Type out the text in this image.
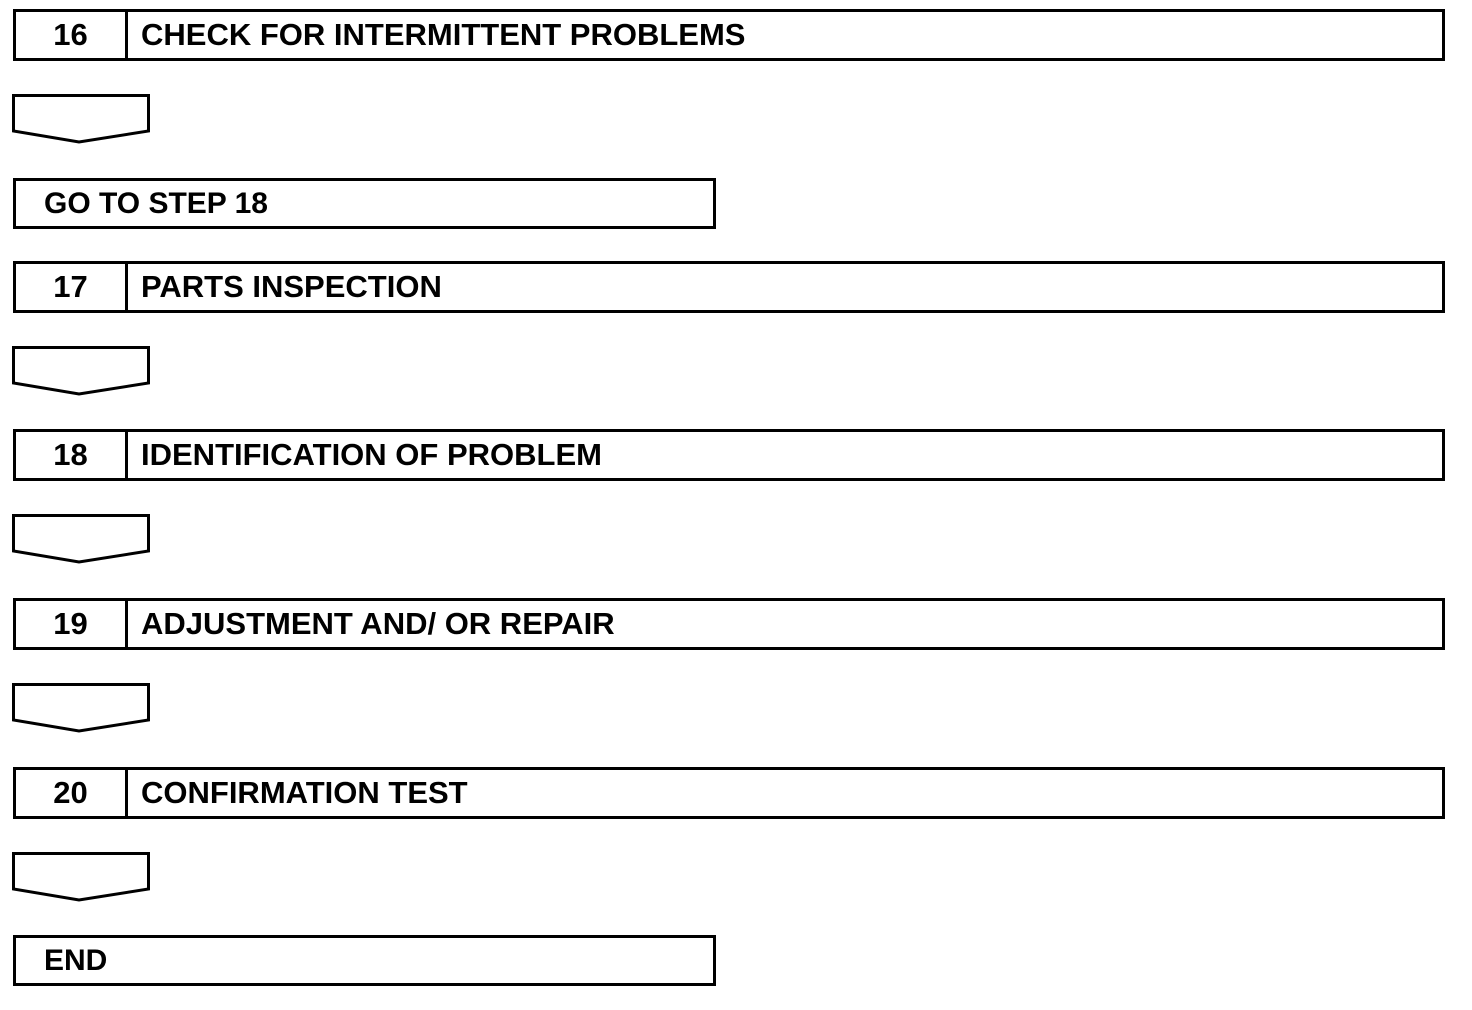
16	CHECK FOR INTERMITTENT PROBLEMS
GO TO STEP 18
17	PARTS INSPECTION
18	IDENTIFICATION OF PROBLEM
19	ADJUSTMENT AND/ OR REPAIR
20	CONFIRMATION TEST
END
